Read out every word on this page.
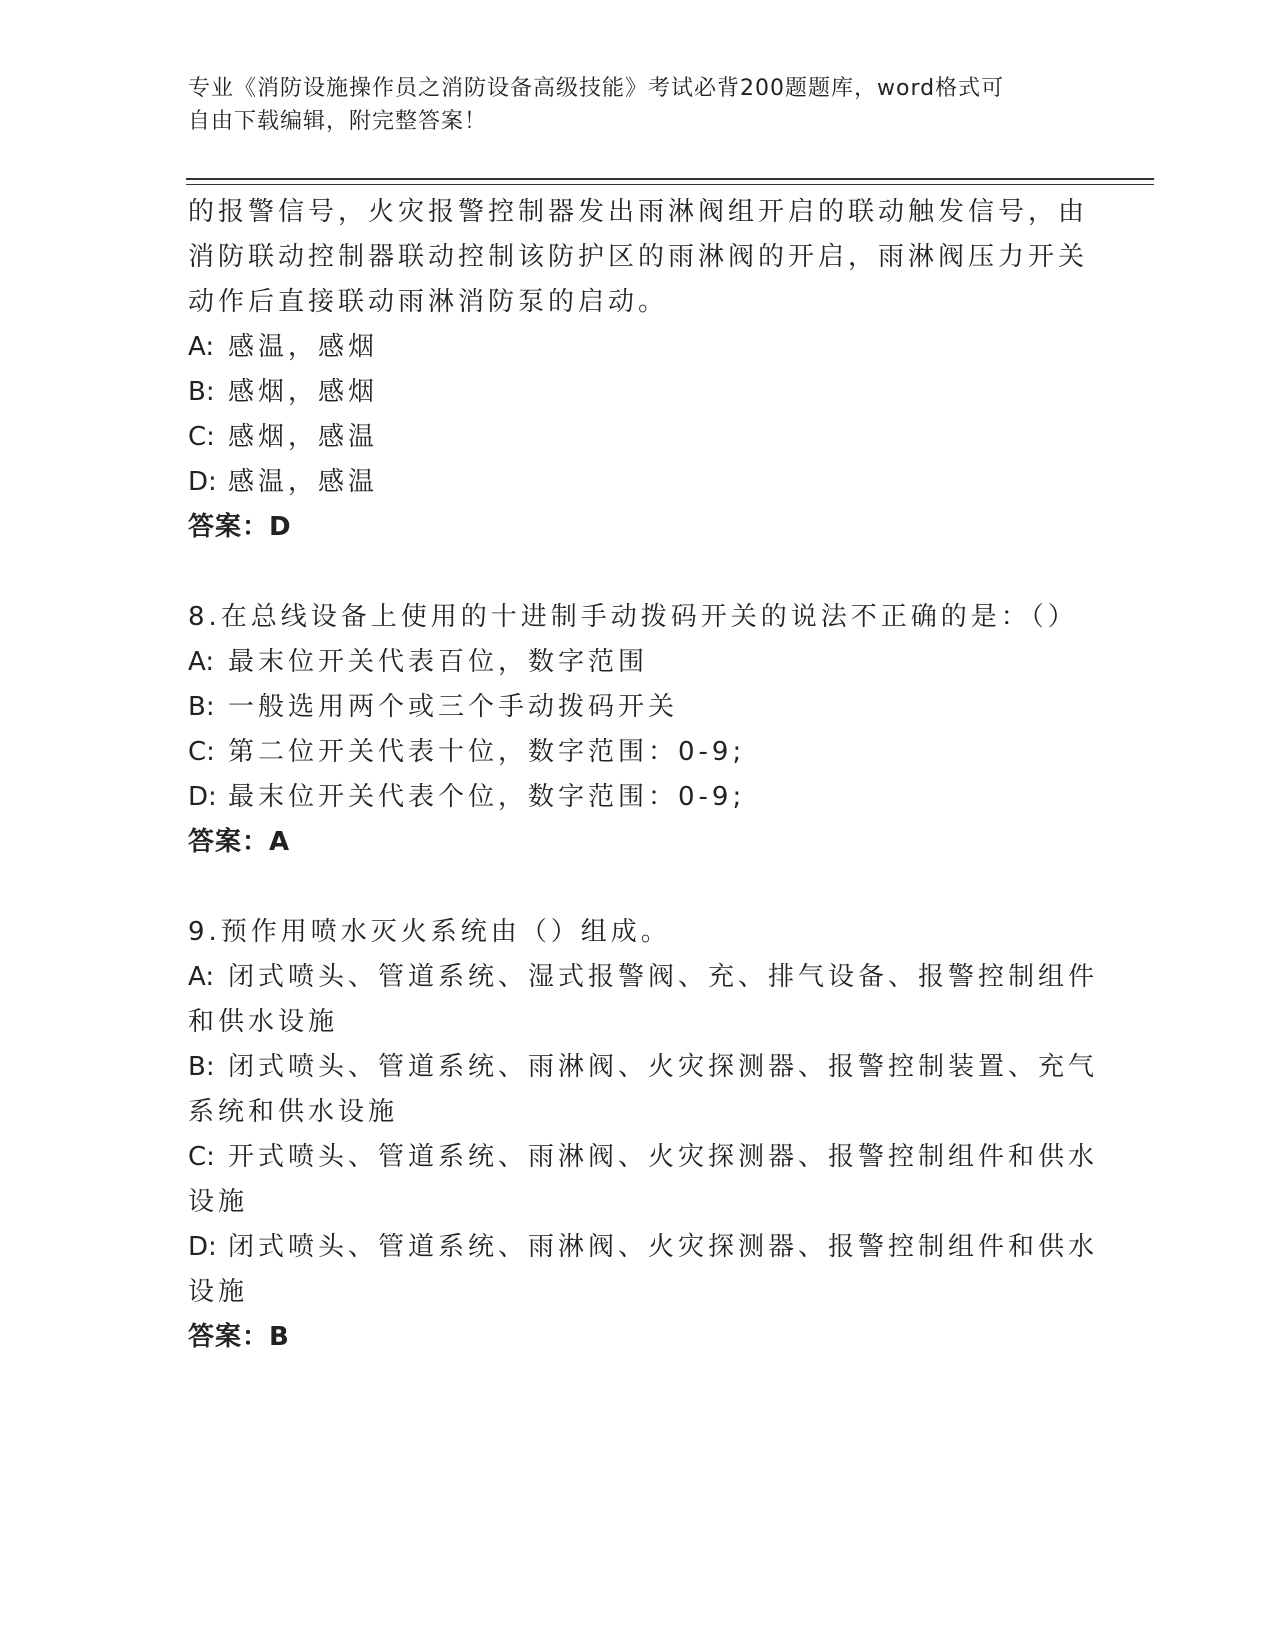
专业《消防设施操作员之消防设备高级技能》考试必背200题题库，word格式可
自由下载编辑，附完整答案！
的报警信号，火灾报警控制器发出雨淋阀组开启的联动触发信号，由
消防联动控制器联动控制该防护区的雨淋阀的开启，雨淋阀压力开关
动作后直接联动雨淋消防泵的启动。
A: 感温，感烟
B: 感烟，感烟
C: 感烟，感温
D: 感温，感温
答案：D
8.在总线设备上使用的十进制手动拨码开关的说法不正确的是：（）
A: 最末位开关代表百位，数字范围
B: 一般选用两个或三个手动拨码开关
C: 第二位开关代表十位，数字范围：0-9;
D: 最末位开关代表个位，数字范围：0-9;
答案：A
9.预作用喷水灭火系统由（）组成。
A: 闭式喷头、管道系统、湿式报警阀、充、排气设备、报警控制组件
和供水设施
B: 闭式喷头、管道系统、雨淋阀、火灾探测器、报警控制装置、充气
系统和供水设施
C: 开式喷头、管道系统、雨淋阀、火灾探测器、报警控制组件和供水
设施
D: 闭式喷头、管道系统、雨淋阀、火灾探测器、报警控制组件和供水
设施
答案：B
